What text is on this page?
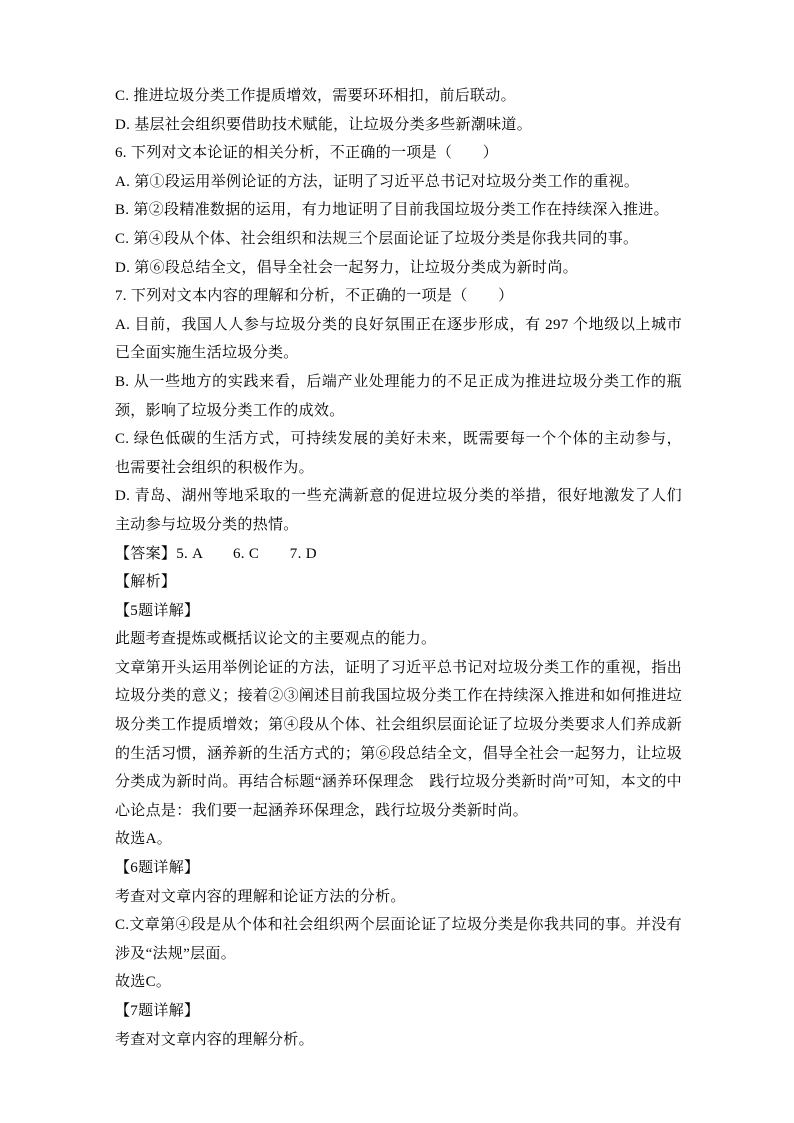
C. 推进垃圾分类工作提质增效，需要环环相扣，前后联动。

D. 基层社会组织要借助技术赋能，让垃圾分类多些新潮味道。

6. 下列对文本论证的相关分析，不正确的一项是（　　）

A. 第①段运用举例论证的方法，证明了习近平总书记对垃圾分类工作的重视。

B. 第②段精准数据的运用，有力地证明了目前我国垃圾分类工作在持续深入推进。

C. 第④段从个体、社会组织和法规三个层面论证了垃圾分类是你我共同的事。

D. 第⑥段总结全文，倡导全社会一起努力，让垃圾分类成为新时尚。

7. 下列对文本内容的理解和分析，不正确的一项是（　　）

A. 目前，我国人人参与垃圾分类的良好氛围正在逐步形成，有 297 个地级以上城市已全面实施生活垃圾分类。

B. 从一些地方的实践来看，后端产业处理能力的不足正成为推进垃圾分类工作的瓶颈，影响了垃圾分类工作的成效。

C. 绿色低碳的生活方式，可持续发展的美好未来，既需要每一个个体的主动参与，也需要社会组织的积极作为。

D. 青岛、湖州等地采取的一些充满新意的促进垃圾分类的举措，很好地激发了人们主动参与垃圾分类的热情。

【答案】5. A　　6. C　　7. D

【解析】

【5题详解】

此题考查提炼或概括议论文的主要观点的能力。

文章第开头运用举例论证的方法，证明了习近平总书记对垃圾分类工作的重视，指出垃圾分类的意义；接着②③阐述目前我国垃圾分类工作在持续深入推进和如何推进垃圾分类工作提质增效；第④段从个体、社会组织层面论证了垃圾分类要求人们养成新的生活习惯，涵养新的生活方式的；第⑥段总结全文，倡导全社会一起努力，让垃圾分类成为新时尚。再结合标题“涵养环保理念　践行垃圾分类新时尚”可知，本文的中心论点是：我们要一起涵养环保理念，践行垃圾分类新时尚。

故选A。

【6题详解】

考查对文章内容的理解和论证方法的分析。

C.文章第④段是从个体和社会组织两个层面论证了垃圾分类是你我共同的事。并没有涉及“法规”层面。

故选C。

【7题详解】

考查对文章内容的理解分析。
